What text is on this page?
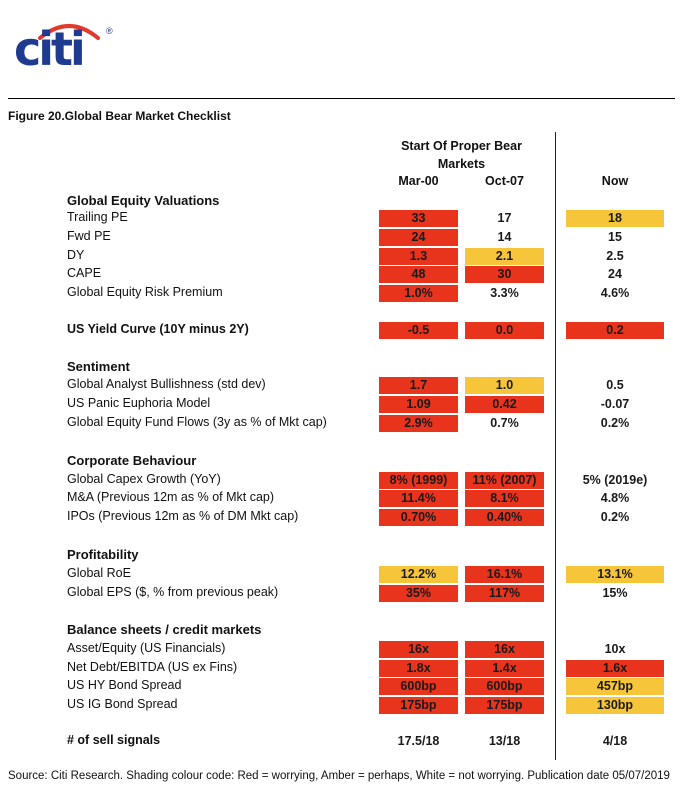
citi	®
Figure 20.Global Bear Market Checklist
Start Of Proper Bear Markets
Mar-00	Oct-07	Now
Global Equity Valuations
Trailing PE	33	17	18
Fwd PE	24	14	15
DY	1.3	2.1	2.5
CAPE	48	30	24
Global Equity Risk Premium	1.0%	3.3%	4.6%
US Yield Curve (10Y minus 2Y)	-0.5	0.0	0.2
Sentiment
Global Analyst Bullishness (std dev)	1.7	1.0	0.5
US Panic Euphoria Model	1.09	0.42	-0.07
Global Equity Fund Flows (3y as % of Mkt cap)	2.9%	0.7%	0.2%
Corporate Behaviour
Global Capex Growth (YoY)	8% (1999)	11% (2007)	5% (2019e)
M&A (Previous 12m as % of Mkt cap)	11.4%	8.1%	4.8%
IPOs (Previous 12m as % of DM Mkt cap)	0.70%	0.40%	0.2%
Profitability
Global RoE	12.2%	16.1%	13.1%
Global EPS ($, % from previous peak)	35%	117%	15%
Balance sheets / credit markets
Asset/Equity (US Financials)	16x	16x	10x
Net Debt/EBITDA (US ex Fins)	1.8x	1.4x	1.6x
US HY Bond Spread	600bp	600bp	457bp
US IG Bond Spread	175bp	175bp	130bp
# of sell signals	17.5/18	13/18	4/18
Source: Citi Research. Shading colour code: Red = worrying, Amber = perhaps, White = not worrying. Publication date 05/07/2019
